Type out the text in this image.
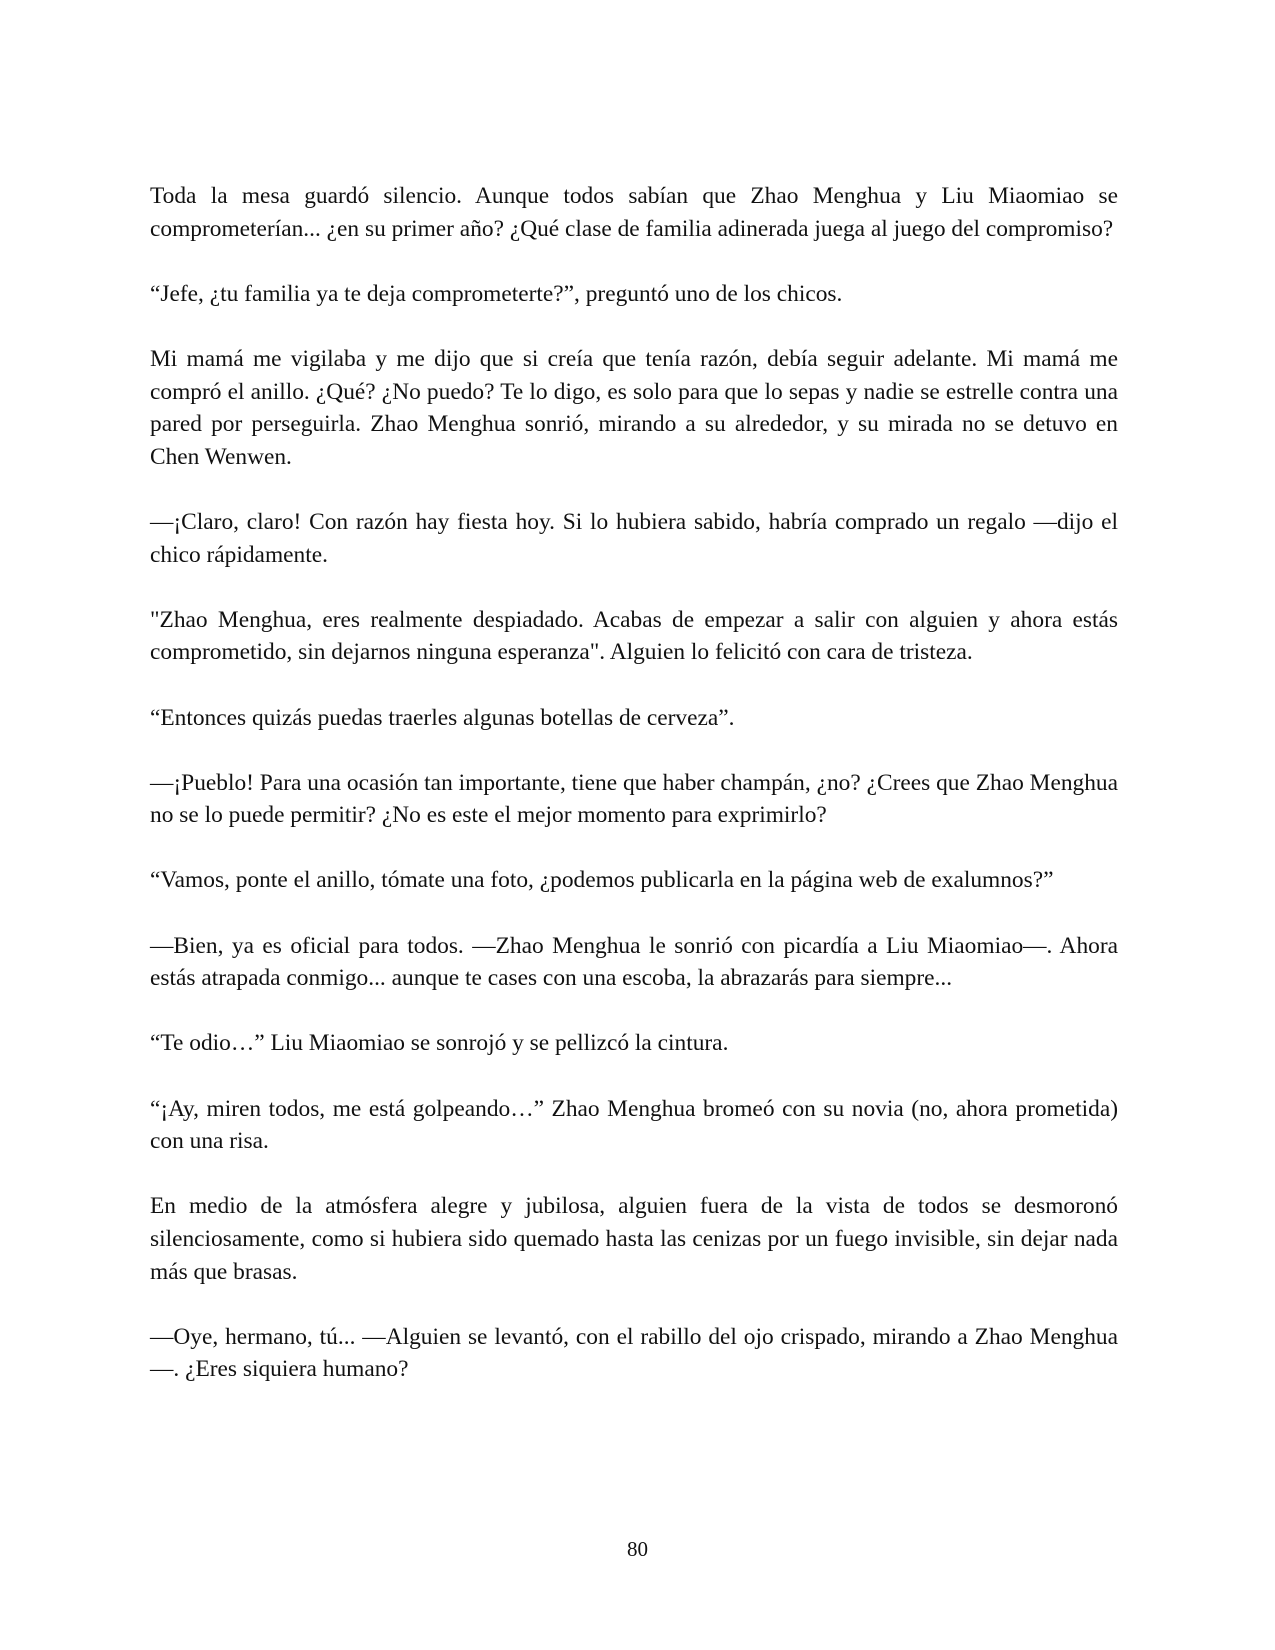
Toda la mesa guardó silencio. Aunque todos sabían que Zhao Menghua y Liu Miaomiao se comprometerían... ¿en su primer año? ¿Qué clase de familia adinerada juega al juego del compromiso?

“Jefe, ¿tu familia ya te deja comprometerte?”, preguntó uno de los chicos.

Mi mamá me vigilaba y me dijo que si creía que tenía razón, debía seguir adelante. Mi mamá me compró el anillo. ¿Qué? ¿No puedo? Te lo digo, es solo para que lo sepas y nadie se estrelle contra una pared por perseguirla. Zhao Menghua sonrió, mirando a su alrededor, y su mirada no se detuvo en Chen Wenwen.

—¡Claro, claro! Con razón hay fiesta hoy. Si lo hubiera sabido, habría comprado un regalo —dijo el chico rápidamente.

"Zhao Menghua, eres realmente despiadado. Acabas de empezar a salir con alguien y ahora estás comprometido, sin dejarnos ninguna esperanza". Alguien lo felicitó con cara de tristeza.

“Entonces quizás puedas traerles algunas botellas de cerveza”.

—¡Pueblo! Para una ocasión tan importante, tiene que haber champán, ¿no? ¿Crees que Zhao Menghua no se lo puede permitir? ¿No es este el mejor momento para exprimirlo?

“Vamos, ponte el anillo, tómate una foto, ¿podemos publicarla en la página web de exalumnos?”

—Bien, ya es oficial para todos. —Zhao Menghua le sonrió con picardía a Liu Miaomiao—. Ahora estás atrapada conmigo... aunque te cases con una escoba, la abrazarás para siempre...

“Te odio…” Liu Miaomiao se sonrojó y se pellizcó la cintura.

“¡Ay, miren todos, me está golpeando…” Zhao Menghua bromeó con su novia (no, ahora prometida) con una risa.

En medio de la atmósfera alegre y jubilosa, alguien fuera de la vista de todos se desmoronó silenciosamente, como si hubiera sido quemado hasta las cenizas por un fuego invisible, sin dejar nada más que brasas.

—Oye, hermano, tú... —Alguien se levantó, con el rabillo del ojo crispado, mirando a Zhao Menghua—. ¿Eres siquiera humano?

80
